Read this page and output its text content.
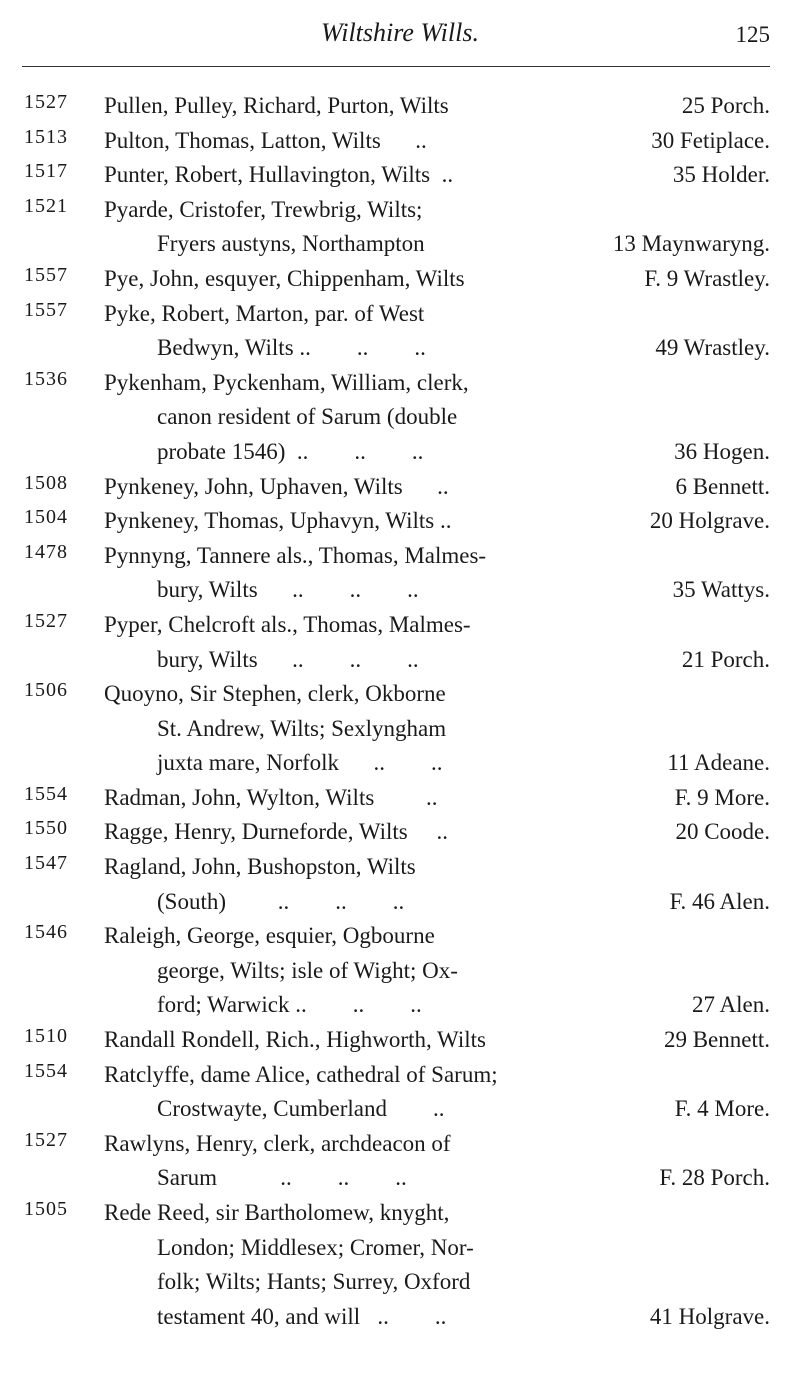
Wiltshire Wills.	125
1527	Pullen, Pulley, Richard, Purton, Wilts	25 Porch.
1513	Pulton, Thomas, Latton, Wilts      ..	30 Fetiplace.
1517	Punter, Robert, Hullavington, Wilts  ..	35 Holder.
1521	Pyarde, Cristofer, Trewbrig, Wilts;
Fryers austyns, Northampton	13 Maynwaryng.
1557	Pye, John, esquyer, Chippenham, Wilts	F. 9 Wrastley.
1557	Pyke, Robert, Marton, par. of West
Bedwyn, Wilts ..        ..        ..	49 Wrastley.
1536	Pykenham, Pyckenham, William, clerk,
canon resident of Sarum (double
probate 1546)  ..        ..        ..	36 Hogen.
1508	Pynkeney, John, Uphaven, Wilts      ..	6 Bennett.
1504	Pynkeney, Thomas, Uphavyn, Wilts ..	20 Holgrave.
1478	Pynnyng, Tannere als., Thomas, Malmes-
bury, Wilts      ..        ..        ..	35 Wattys.
1527	Pyper, Chelcroft als., Thomas, Malmes-
bury, Wilts      ..        ..        ..	21 Porch.
1506	Quoyno, Sir Stephen, clerk, Okborne
St. Andrew, Wilts; Sexlyngham
juxta mare, Norfolk      ..        ..	11 Adeane.
1554	Radman, John, Wylton, Wilts         ..	F. 9 More.
1550	Ragge, Henry, Durneforde, Wilts     ..	20 Coode.
1547	Ragland, John, Bushopston, Wilts
(South)         ..        ..        ..	F. 46 Alen.
1546	Raleigh, George, esquier, Ogbourne
george, Wilts; isle of Wight; Ox-
ford; Warwick ..        ..        ..	27 Alen.
1510	Randall Rondell, Rich., Highworth, Wilts	29 Bennett.
1554	Ratclyffe, dame Alice, cathedral of Sarum;
Crostwayte, Cumberland        ..	F. 4 More.
1527	Rawlyns, Henry, clerk, archdeacon of
Sarum           ..        ..        ..	F. 28 Porch.
1505	Rede Reed, sir Bartholomew, knyght,
London; Middlesex; Cromer, Nor-
folk; Wilts; Hants; Surrey, Oxford
testament 40, and will   ..        ..	41 Holgrave.
